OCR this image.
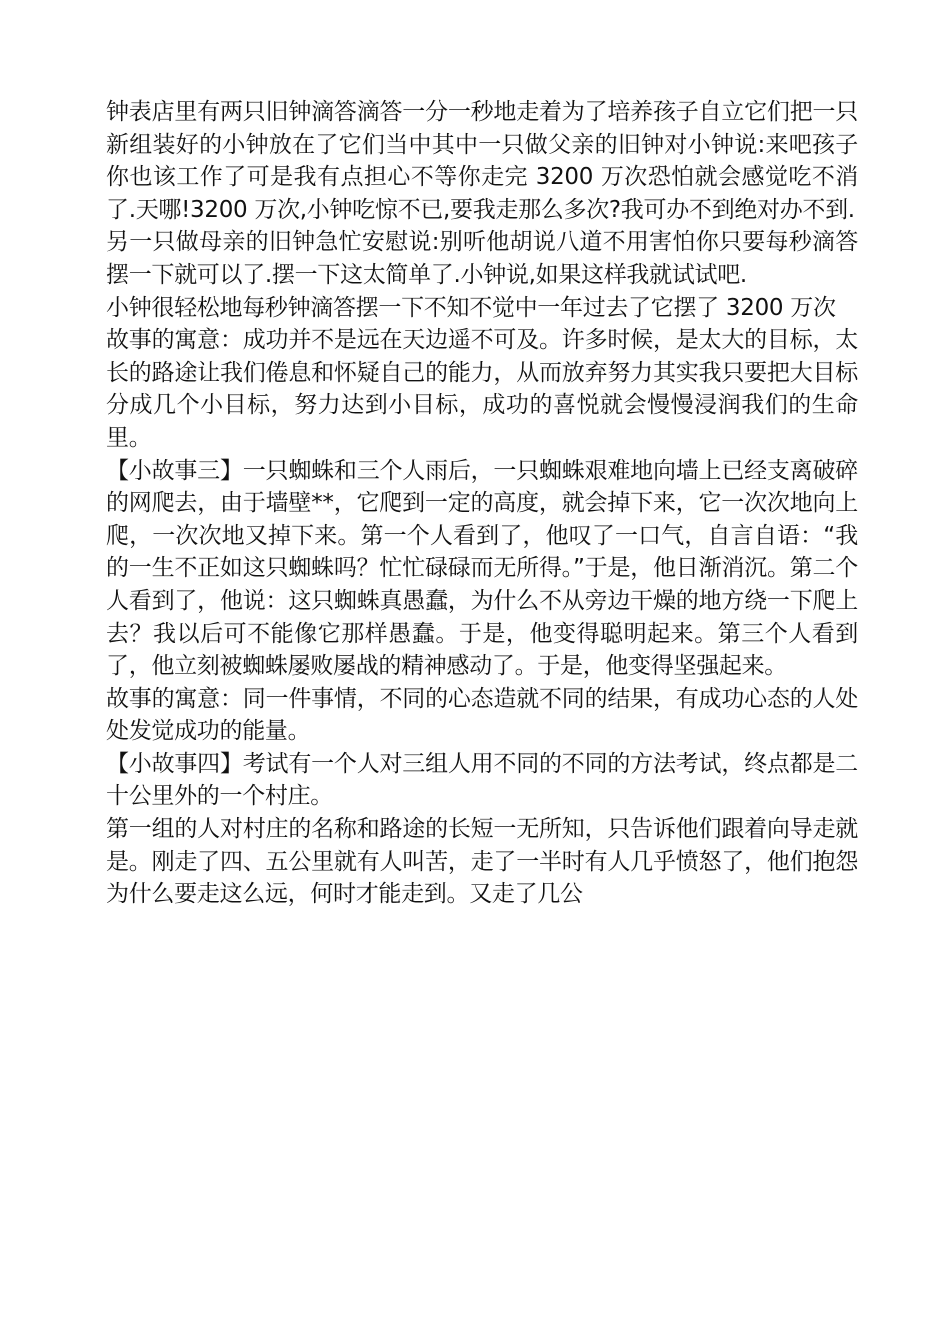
钟表店里有两只旧钟滴答滴答一分一秒地走着为了培养孩子自立它们把一只新组装好的小钟放在了它们当中其中一只做父亲的旧钟对小钟说:来吧孩子你也该工作了可是我有点担心不等你走完 3200 万次恐怕就会感觉吃不消了.天哪!3200 万次,小钟吃惊不已,要我走那么多次?我可办不到绝对办不到.

另一只做母亲的旧钟急忙安慰说:别听他胡说八道不用害怕你只要每秒滴答摆一下就可以了.摆一下这太简单了.小钟说,如果这样我就试试吧.

小钟很轻松地每秒钟滴答摆一下不知不觉中一年过去了它摆了 3200 万次

故事的寓意：成功并不是远在天边遥不可及。许多时候，是太大的目标，太长的路途让我们倦息和怀疑自己的能力，从而放弃努力其实我只要把大目标分成几个小目标，努力达到小目标，成功的喜悦就会慢慢浸润我们的生命里。

【小故事三】一只蜘蛛和三个人雨后，一只蜘蛛艰难地向墙上已经支离破碎的网爬去，由于墙壁**，它爬到一定的高度，就会掉下来，它一次次地向上爬，一次次地又掉下来。第一个人看到了，他叹了一口气，自言自语：“我的一生不正如这只蜘蛛吗？忙忙碌碌而无所得。”于是，他日渐消沉。第二个人看到了，他说：这只蜘蛛真愚蠢，为什么不从旁边干燥的地方绕一下爬上去？我以后可不能像它那样愚蠢。于是，他变得聪明起来。第三个人看到了，他立刻被蜘蛛屡败屡战的精神感动了。于是，他变得坚强起来。

故事的寓意：同一件事情，不同的心态造就不同的结果，有成功心态的人处处发觉成功的能量。

【小故事四】考试有一个人对三组人用不同的不同的方法考试，终点都是二十公里外的一个村庄。

第一组的人对村庄的名称和路途的长短一无所知，只告诉他们跟着向导走就是。刚走了四、五公里就有人叫苦，走了一半时有人几乎愤怒了，他们抱怨为什么要走这么远，何时才能走到。又走了几公
